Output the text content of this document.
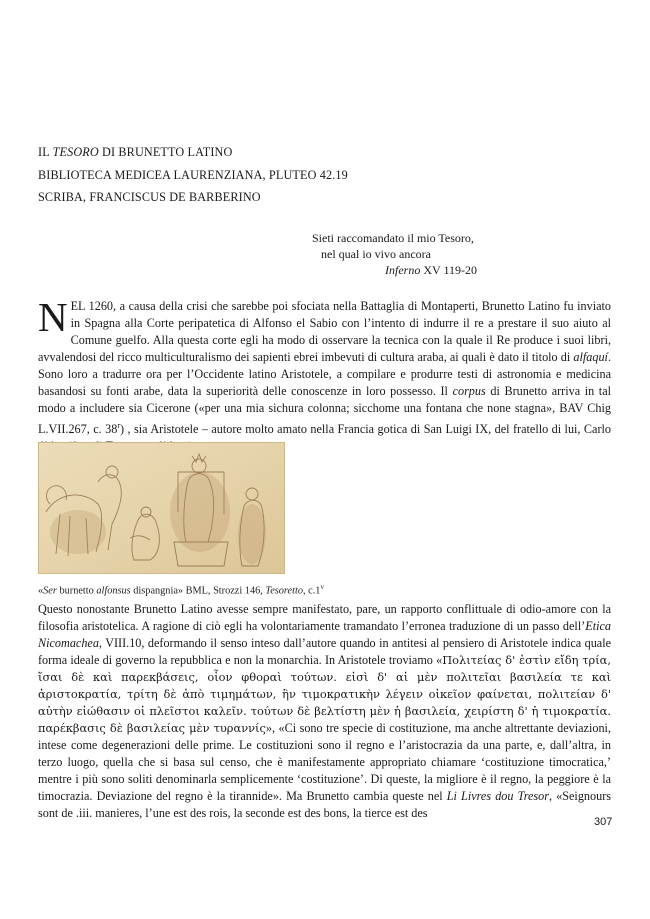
IL TESORO DI BRUNETTO LATINO
BIBLIOTECA MEDICEA LAURENZIANA, PLUTEO 42.19
SCRIBA, FRANCISCUS DE BARBERINO
Sieti raccomandato il mio Tesoro,
nel qual io vivo ancora
Inferno XV 119-20

NEL 1260, a causa della crisi che sarebbe poi sfociata nella Battaglia di Montaperti, Brunetto Latino fu inviato in Spagna alla Corte peripatetica di Alfonso el Sabio con l’intento di indurre il re a prestare il suo aiuto al Comune guelfo. Alla questa corte egli ha modo di osservare la tecnica con la quale il Re produce i suoi libri, avvalendosi del ricco multiculturalismo dei sapienti ebrei imbevuti di cultura araba, ai quali è dato il titolo di alfaquí. Sono loro a tradurre ora per l’Occidente latino Aristotele, a compilare e produrre testi di astronomia e medicina basandosi su fonti arabe, data la superiorità delle conoscenze in loro possesso. Il corpus di Brunetto arriva in tal modo a includere sia Cicerone («per una mia sichura colonna; sicchome una fontana che none stagna», BAV Chig L.VII.267, c. 38$^r$) , sia Aristotele – autore molto amato nella Francia gotica di San Luigi IX, del fratello di lui, Carlo

«Ser burnetto alfonsus dispangnia» BML, Strozzi 146, Tesoretto, c.1$^v$

Questo nonostante Brunetto Latino avesse sempre manifestato, pare, un rapporto conflittuale di odio-amore con la filosofia aristotelica. A ragione di ciò egli ha volontariamente tramandato l’erronea traduzione di un passo dell’Etica Nicomachea, VIII.10, deformando il senso inteso dall’autore quando in antitesi al pensiero di Aristotele indica quale forma ideale di governo la repubblica e non la monarchia. In Aristotele troviamo «Πολιτείας δ' ἐστὶν εἴδη τρία, ἴσαι δὲ καὶ παρεκβάσεις, οἷον φθοραὶ τούτων. εἰσὶ δ' αἱ μὲν πολιτεῖαι βασιλεία τε καὶ ἀριστοκρατία, τρίτη δὲ ἀπὸ τιμημάτων, ἣν τιμοκρατικὴν λέγειν οἰκεῖον φαίνεται, πολιτείαν δ' αὐτὴν εἰώθασιν οἱ πλεῖστοι καλεῖν. τούτων δὲ βελτίστη μὲν ἡ βασιλεία, χειρίστη δ' ἡ τιμοκρατία. παρέκβασις δὲ βασιλείας μὲν τυραννίς», «Ci sono tre specie di costituzione, ma anche altrettante deviazioni, intese come degenerazioni delle prime. Le costituzioni sono il regno e l’aristocrazia da una parte, e, dall’altra, in terzo luogo, quella che si basa sul censo, che è manifestamente appropriato chiamare ‘costituzione timocratica,’ mentre i più sono soliti denominarla semplicemente ‘costituzione’. Di queste, la migliore è il regno, la peggiore è la timocrazia. Deviazione del regno è la tirannide». Ma Brunetto cambia queste nel Li Livres dou Tresor, «Seignours sont de .iii. manieres, l’une est des rois, la seconde est des bons, la tierce est des

307
